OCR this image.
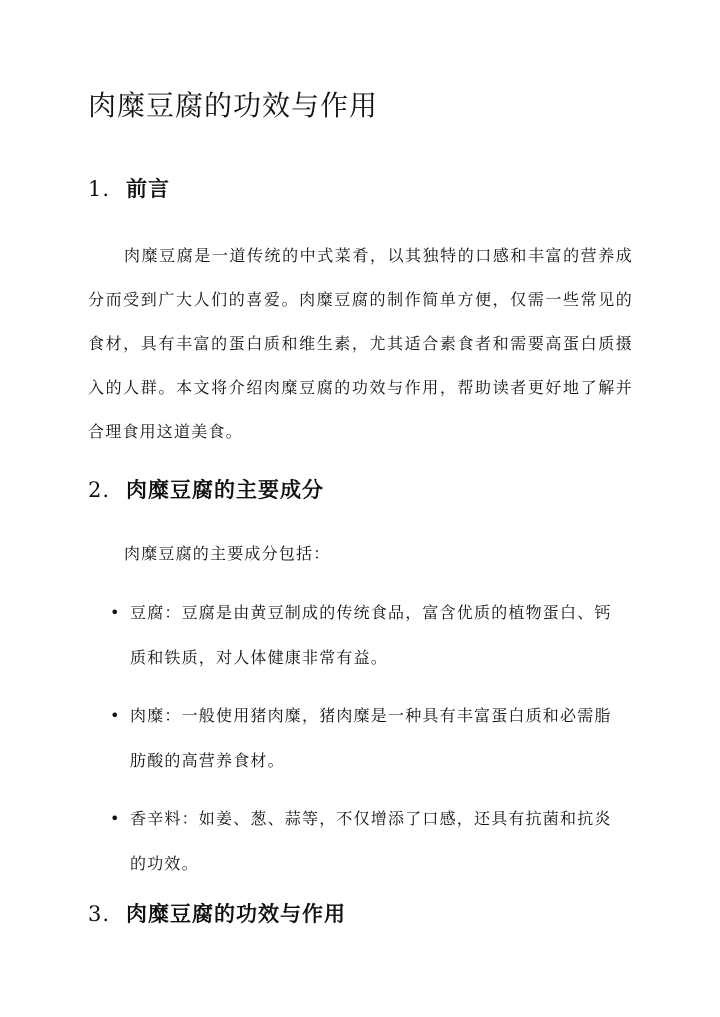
肉糜豆腐的功效与作用
1. 前言

肉糜豆腐是一道传统的中式菜肴，以其独特的口感和丰富的营养成分而受到广大人们的喜爱。肉糜豆腐的制作简单方便，仅需一些常见的食材，具有丰富的蛋白质和维生素，尤其适合素食者和需要高蛋白质摄入的人群。本文将介绍肉糜豆腐的功效与作用，帮助读者更好地了解并合理食用这道美食。

2. 肉糜豆腐的主要成分

肉糜豆腐的主要成分包括：

• 豆腐：豆腐是由黄豆制成的传统食品，富含优质的植物蛋白、钙质和铁质，对人体健康非常有益。
• 肉糜：一般使用猪肉糜，猪肉糜是一种具有丰富蛋白质和必需脂肪酸的高营养食材。
• 香辛料：如姜、葱、蒜等，不仅增添了口感，还具有抗菌和抗炎的功效。
3. 肉糜豆腐的功效与作用
